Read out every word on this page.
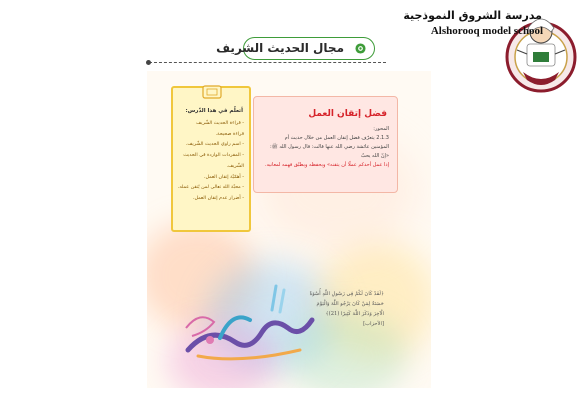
مدرسة الشروق النموذجية
Alshorooq model school
مجال الحديث الشريف
فضل إتقان العمل
المحور:
2.1.3 يتعرّف فضل إتقان العمل من خلال حديث أم
المؤمنين عائشة رضي الله عنها قالت: قال رسول الله ﷺ: «إنّ الله يحبّ
إذا عمل أحدكم عملًا أن يتقنه» ويحفظه ويطبّق فهمه لمعانيه.
أتعلّم في هذا الدّرس:
- قراءة الحديث الشّريف
قراءة صحيحة.
- اسم راوي الحديث الشّريف.
- المفردات الواردة في الحديث
الشّريف.
- أهمّيّة إتقان العمل.
- محبّة الله تعالى لمن يُتقن عمله.
- أضرار عدم إتقان العمل.
﴿لَقَدْ كَانَ لَكُمْ فِي رَسُولِ اللَّهِ أُسْوَةٌ
حَسَنَةٌ لِمَنْ كَانَ يَرْجُو اللَّهَ وَالْيَوْمَ
الْآخِرَ وَذَكَرَ اللَّهَ كَثِيرًا (21)﴾
[الأحزاب]
